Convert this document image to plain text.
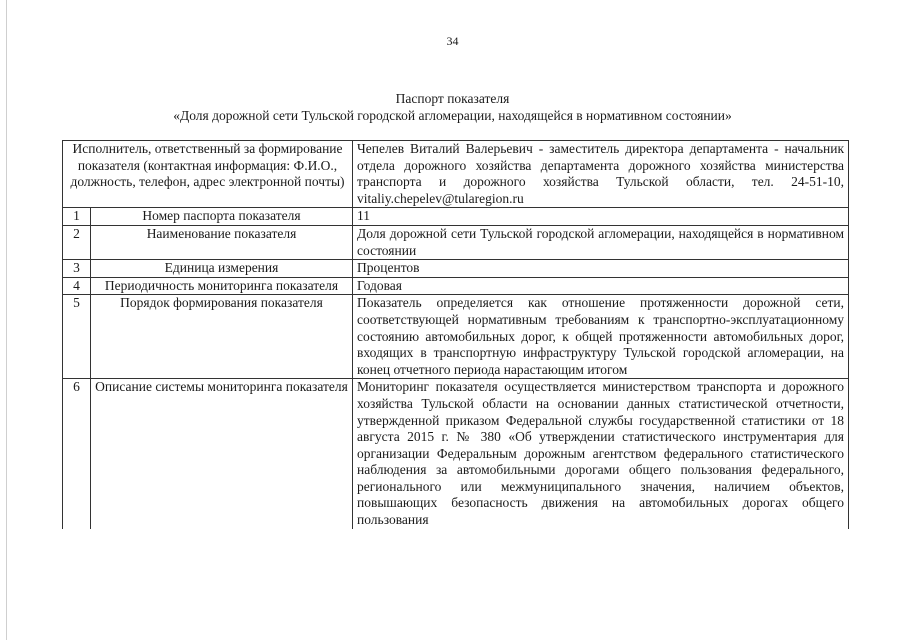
34
Паспорт показателя
«Доля дорожной сети Тульской городской агломерации, находящейся в нормативном состоянии»
Исполнитель, ответственный за формирование показателя (контактная информация: Ф.И.О., должность, телефон, адрес электронной почты)		Чепелев Виталий Валерьевич - заместитель директора департамента - начальник отдела дорожного хозяйства департамента дорожного хозяйства министерства транспорта и дорожного хозяйства Тульской области, тел. 24-51-10, vitaliy.chepelev@tularegion.ru
1	Номер паспорта показателя	11
2	Наименование показателя	Доля дорожной сети Тульской городской агломерации, находящейся в нормативном состоянии
3	Единица измерения	Процентов
4	Периодичность мониторинга показателя	Годовая
5	Порядок формирования показателя	Показатель определяется как отношение протяженности дорожной сети, соответствующей нормативным требованиям к транспортно-эксплуатационному состоянию автомобильных дорог, к общей протяженности автомобильных дорог, входящих в транспортную инфраструктуру Тульской городской агломерации, на конец отчетного периода нарастающим итогом
6	Описание системы мониторинга показателя	Мониторинг показателя осуществляется министерством транспорта и дорожного хозяйства Тульской области на основании данных статистической отчетности, утвержденной приказом Федеральной службы государственной статистики от 18 августа 2015 г. № 380 «Об утверждении статистического инструментария для организации Федеральным дорожным агентством федерального статистического наблюдения за автомобильными дорогами общего пользования федерального, регионального или межмуниципального значения, наличием объектов, повышающих безопасность движения на автомобильных дорогах общего пользования
